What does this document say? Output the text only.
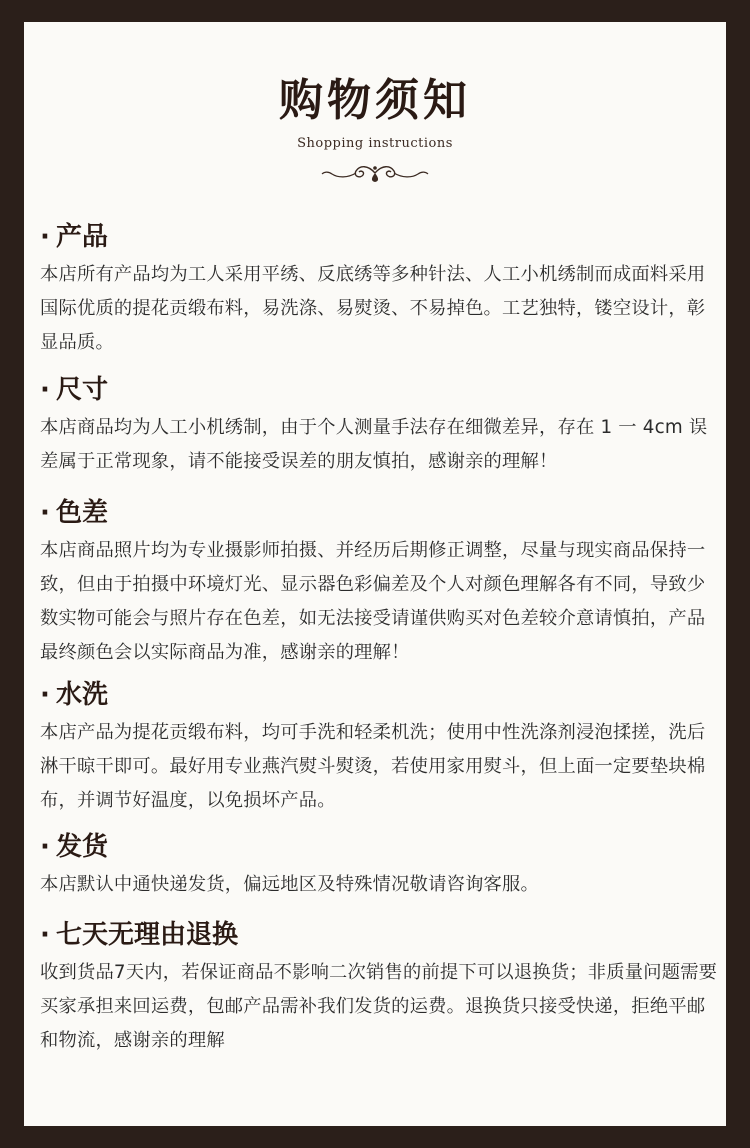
购物须知
Shopping instructions
· 产品
本店所有产品均为工人采用平绣、反底绣等多种针法、人工小机绣制而成面料采用国际优质的提花贡缎布料，易洗涤、易熨烫、不易掉色。工艺独特，镂空设计，彰显品质。
· 尺寸
本店商品均为人工小机绣制，由于个人测量手法存在细微差异，存在 1 一 4cm 误差属于正常现象，请不能接受误差的朋友慎拍，感谢亲的理解！
· 色差
本店商品照片均为专业摄影师拍摄、并经历后期修正调整，尽量与现实商品保持一致，但由于拍摄中环境灯光、显示器色彩偏差及个人对颜色理解各有不同，导致少数实物可能会与照片存在色差，如无法接受请谨供购买对色差较介意请慎拍，产品最终颜色会以实际商品为准，感谢亲的理解！
· 水洗
本店产品为提花贡缎布料，均可手洗和轻柔机洗；使用中性洗涤剂浸泡揉搓，洗后淋干晾干即可。最好用专业燕汽熨斗熨烫，若使用家用熨斗，但上面一定要垫块棉布，并调节好温度，以免损坏产品。
· 发货
本店默认中通快递发货，偏远地区及特殊情况敬请咨询客服。
· 七天无理由退换
收到货品7天内，若保证商品不影响二次销售的前提下可以退换货；非质量问题需要买家承担来回运费，包邮产品需补我们发货的运费。退换货只接受快递，拒绝平邮和物流，感谢亲的理解
